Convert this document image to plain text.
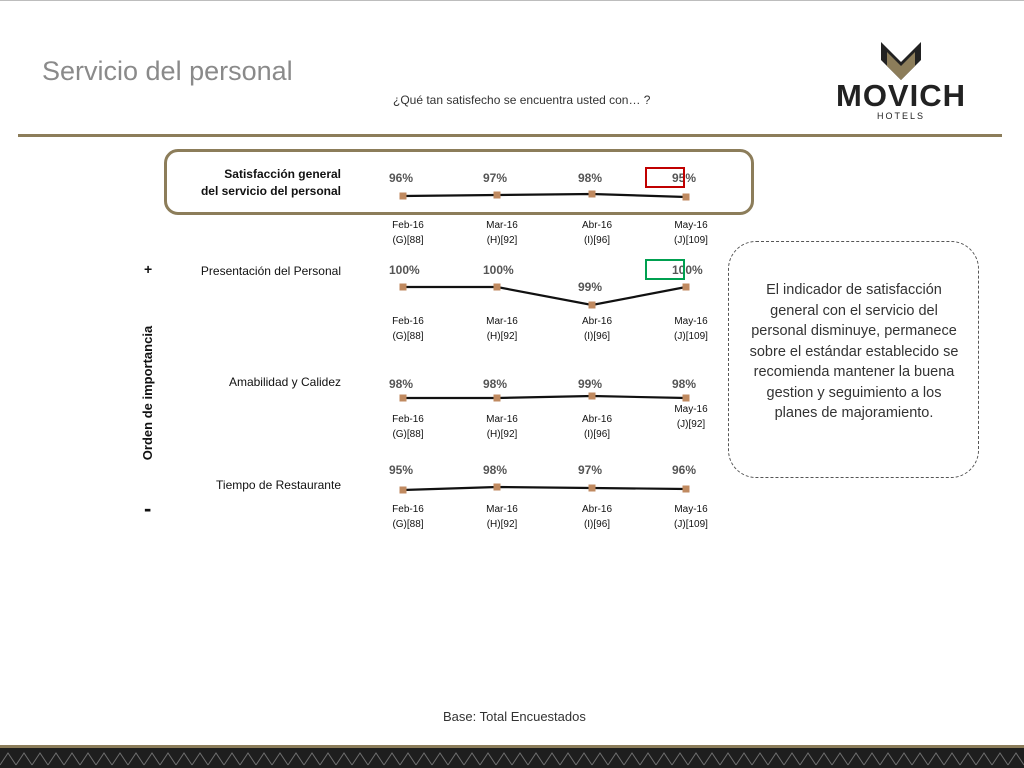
Servicio del personal
¿Qué tan satisfecho se encuentra usted con… ?	MOVICH
HOTELS
Satisfacción general
del servicio del personal
Presentación del Personal
Amabilidad y Calidez
Tiempo de Restaurante
+
Orden de importancia
-
96%
Feb-16
(G)[88]
97%
Mar-16
(H)[92]
98%
Abr-16
(I)[96]
95%
May-16
(J)[109]
100%
Feb-16
(G)[88]
100%
Mar-16
(H)[92]
99%
Abr-16
(I)[96]
100%
May-16
(J)[109]
98%
Feb-16
(G)[88]
98%
Mar-16
(H)[92]
99%
Abr-16
(I)[96]
98%
May-16
(J)[92]
95%
Feb-16
(G)[88]
98%
Mar-16
(H)[92]
97%
Abr-16
(I)[96]
96%
May-16
(J)[109]
El indicador de satisfacción general con el servicio del personal disminuye, permanece sobre el estándar establecido se recomienda mantener la buena gestion y seguimiento a los planes de majoramiento.
Base: Total Encuestados
